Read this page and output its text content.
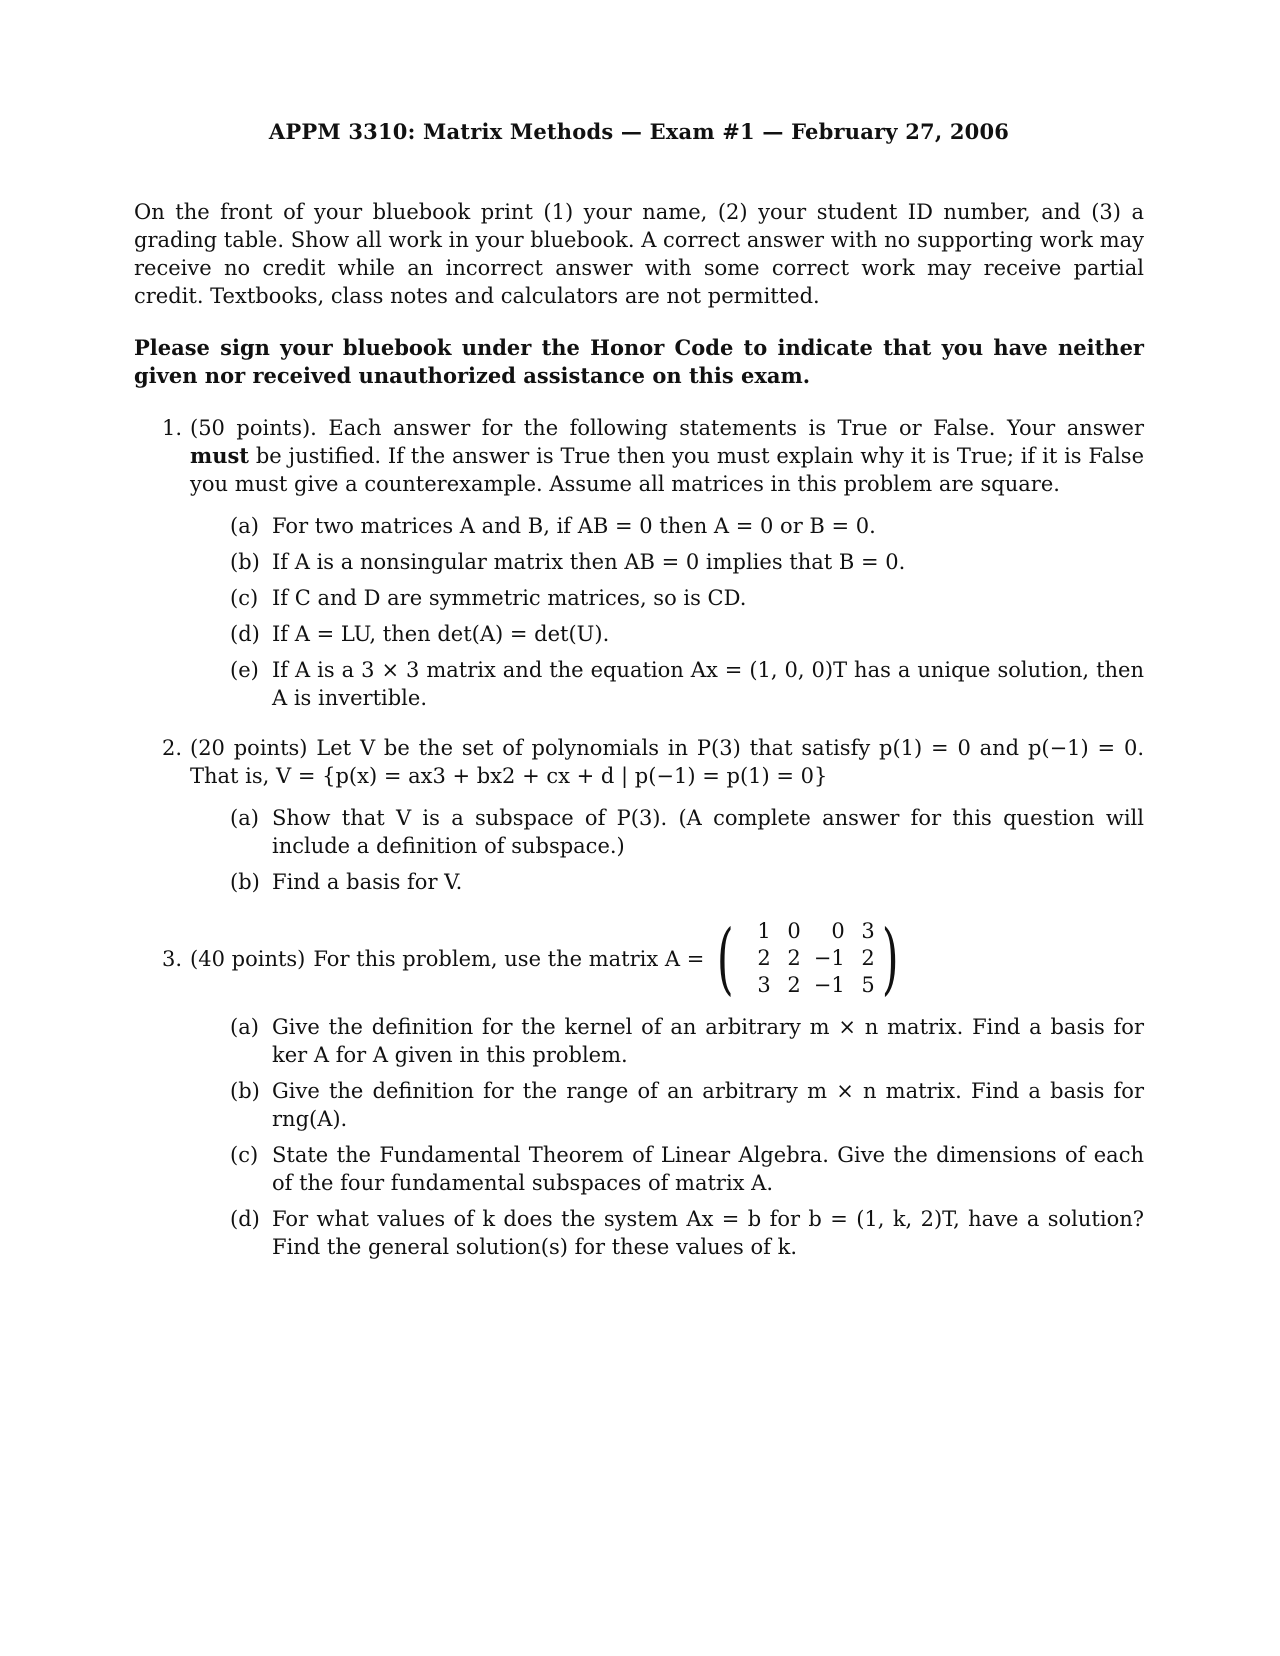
APPM 3310: Matrix Methods — Exam #1 — February 27, 2006
On the front of your bluebook print (1) your name, (2) your student ID number, and (3) a grading table. Show all work in your bluebook. A correct answer with no supporting work may receive no credit while an incorrect answer with some correct work may receive partial credit. Textbooks, class notes and calculators are not permitted.
Please sign your bluebook under the Honor Code to indicate that you have neither given nor received unauthorized assistance on this exam.
1. (50 points). Each answer for the following statements is True or False. Your answer must be justified. If the answer is True then you must explain why it is True; if it is False you must give a counterexample. Assume all matrices in this problem are square.
(a) For two matrices A and B, if AB = 0 then A = 0 or B = 0.
(b) If A is a nonsingular matrix then AB = 0 implies that B = 0.
(c) If C and D are symmetric matrices, so is CD.
(d) If A = LU, then det(A) = det(U).
(e) If A is a 3 × 3 matrix and the equation Ax = (1, 0, 0)T has a unique solution, then A is invertible.
2. (20 points) Let V be the set of polynomials in P(3) that satisfy p(1) = 0 and p(−1) = 0. That is, V = {p(x) = ax3 + bx2 + cx + d | p(−1) = p(1) = 0}
(a) Show that V is a subspace of P(3). (A complete answer for this question will include a definition of subspace.)
(b) Find a basis for V.
3. (40 points) For this problem, use the matrix A = (	1 0	0 3
2 2 −1 2
3 2 −1 5 )
(a) Give the definition for the kernel of an arbitrary m × n matrix. Find a basis for ker A for A given in this problem.
(b) Give the definition for the range of an arbitrary m × n matrix. Find a basis for rng(A).
(c) State the Fundamental Theorem of Linear Algebra. Give the dimensions of each of the four fundamental subspaces of matrix A.
(d) For what values of k does the system Ax = b for b = (1, k, 2)T, have a solution? Find the general solution(s) for these values of k.
